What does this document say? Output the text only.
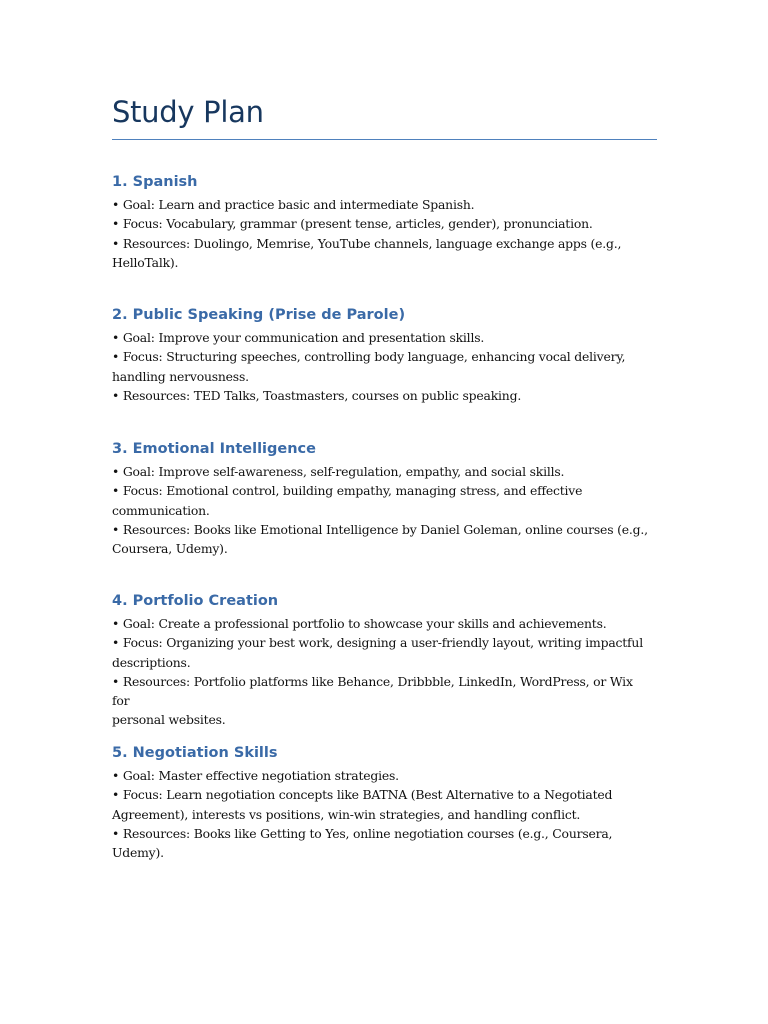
Study Plan
1. Spanish

• Goal: Learn and practice basic and intermediate Spanish.
• Focus: Vocabulary, grammar (present tense, articles, gender), pronunciation.
• Resources: Duolingo, Memrise, YouTube channels, language exchange apps (e.g.,
HelloTalk).

2. Public Speaking (Prise de Parole)

• Goal: Improve your communication and presentation skills.
• Focus: Structuring speeches, controlling body language, enhancing vocal delivery,
handling nervousness.
• Resources: TED Talks, Toastmasters, courses on public speaking.

3. Emotional Intelligence

• Goal: Improve self-awareness, self-regulation, empathy, and social skills.
• Focus: Emotional control, building empathy, managing stress, and effective
communication.
• Resources: Books like Emotional Intelligence by Daniel Goleman, online courses (e.g.,
Coursera, Udemy).

4. Portfolio Creation

• Goal: Create a professional portfolio to showcase your skills and achievements.
• Focus: Organizing your best work, designing a user-friendly layout, writing impactful
descriptions.
• Resources: Portfolio platforms like Behance, Dribbble, LinkedIn, WordPress, or Wix for
personal websites.

5. Negotiation Skills

• Goal: Master effective negotiation strategies.
• Focus: Learn negotiation concepts like BATNA (Best Alternative to a Negotiated
Agreement), interests vs positions, win-win strategies, and handling conflict.
• Resources: Books like Getting to Yes, online negotiation courses (e.g., Coursera, Udemy).
